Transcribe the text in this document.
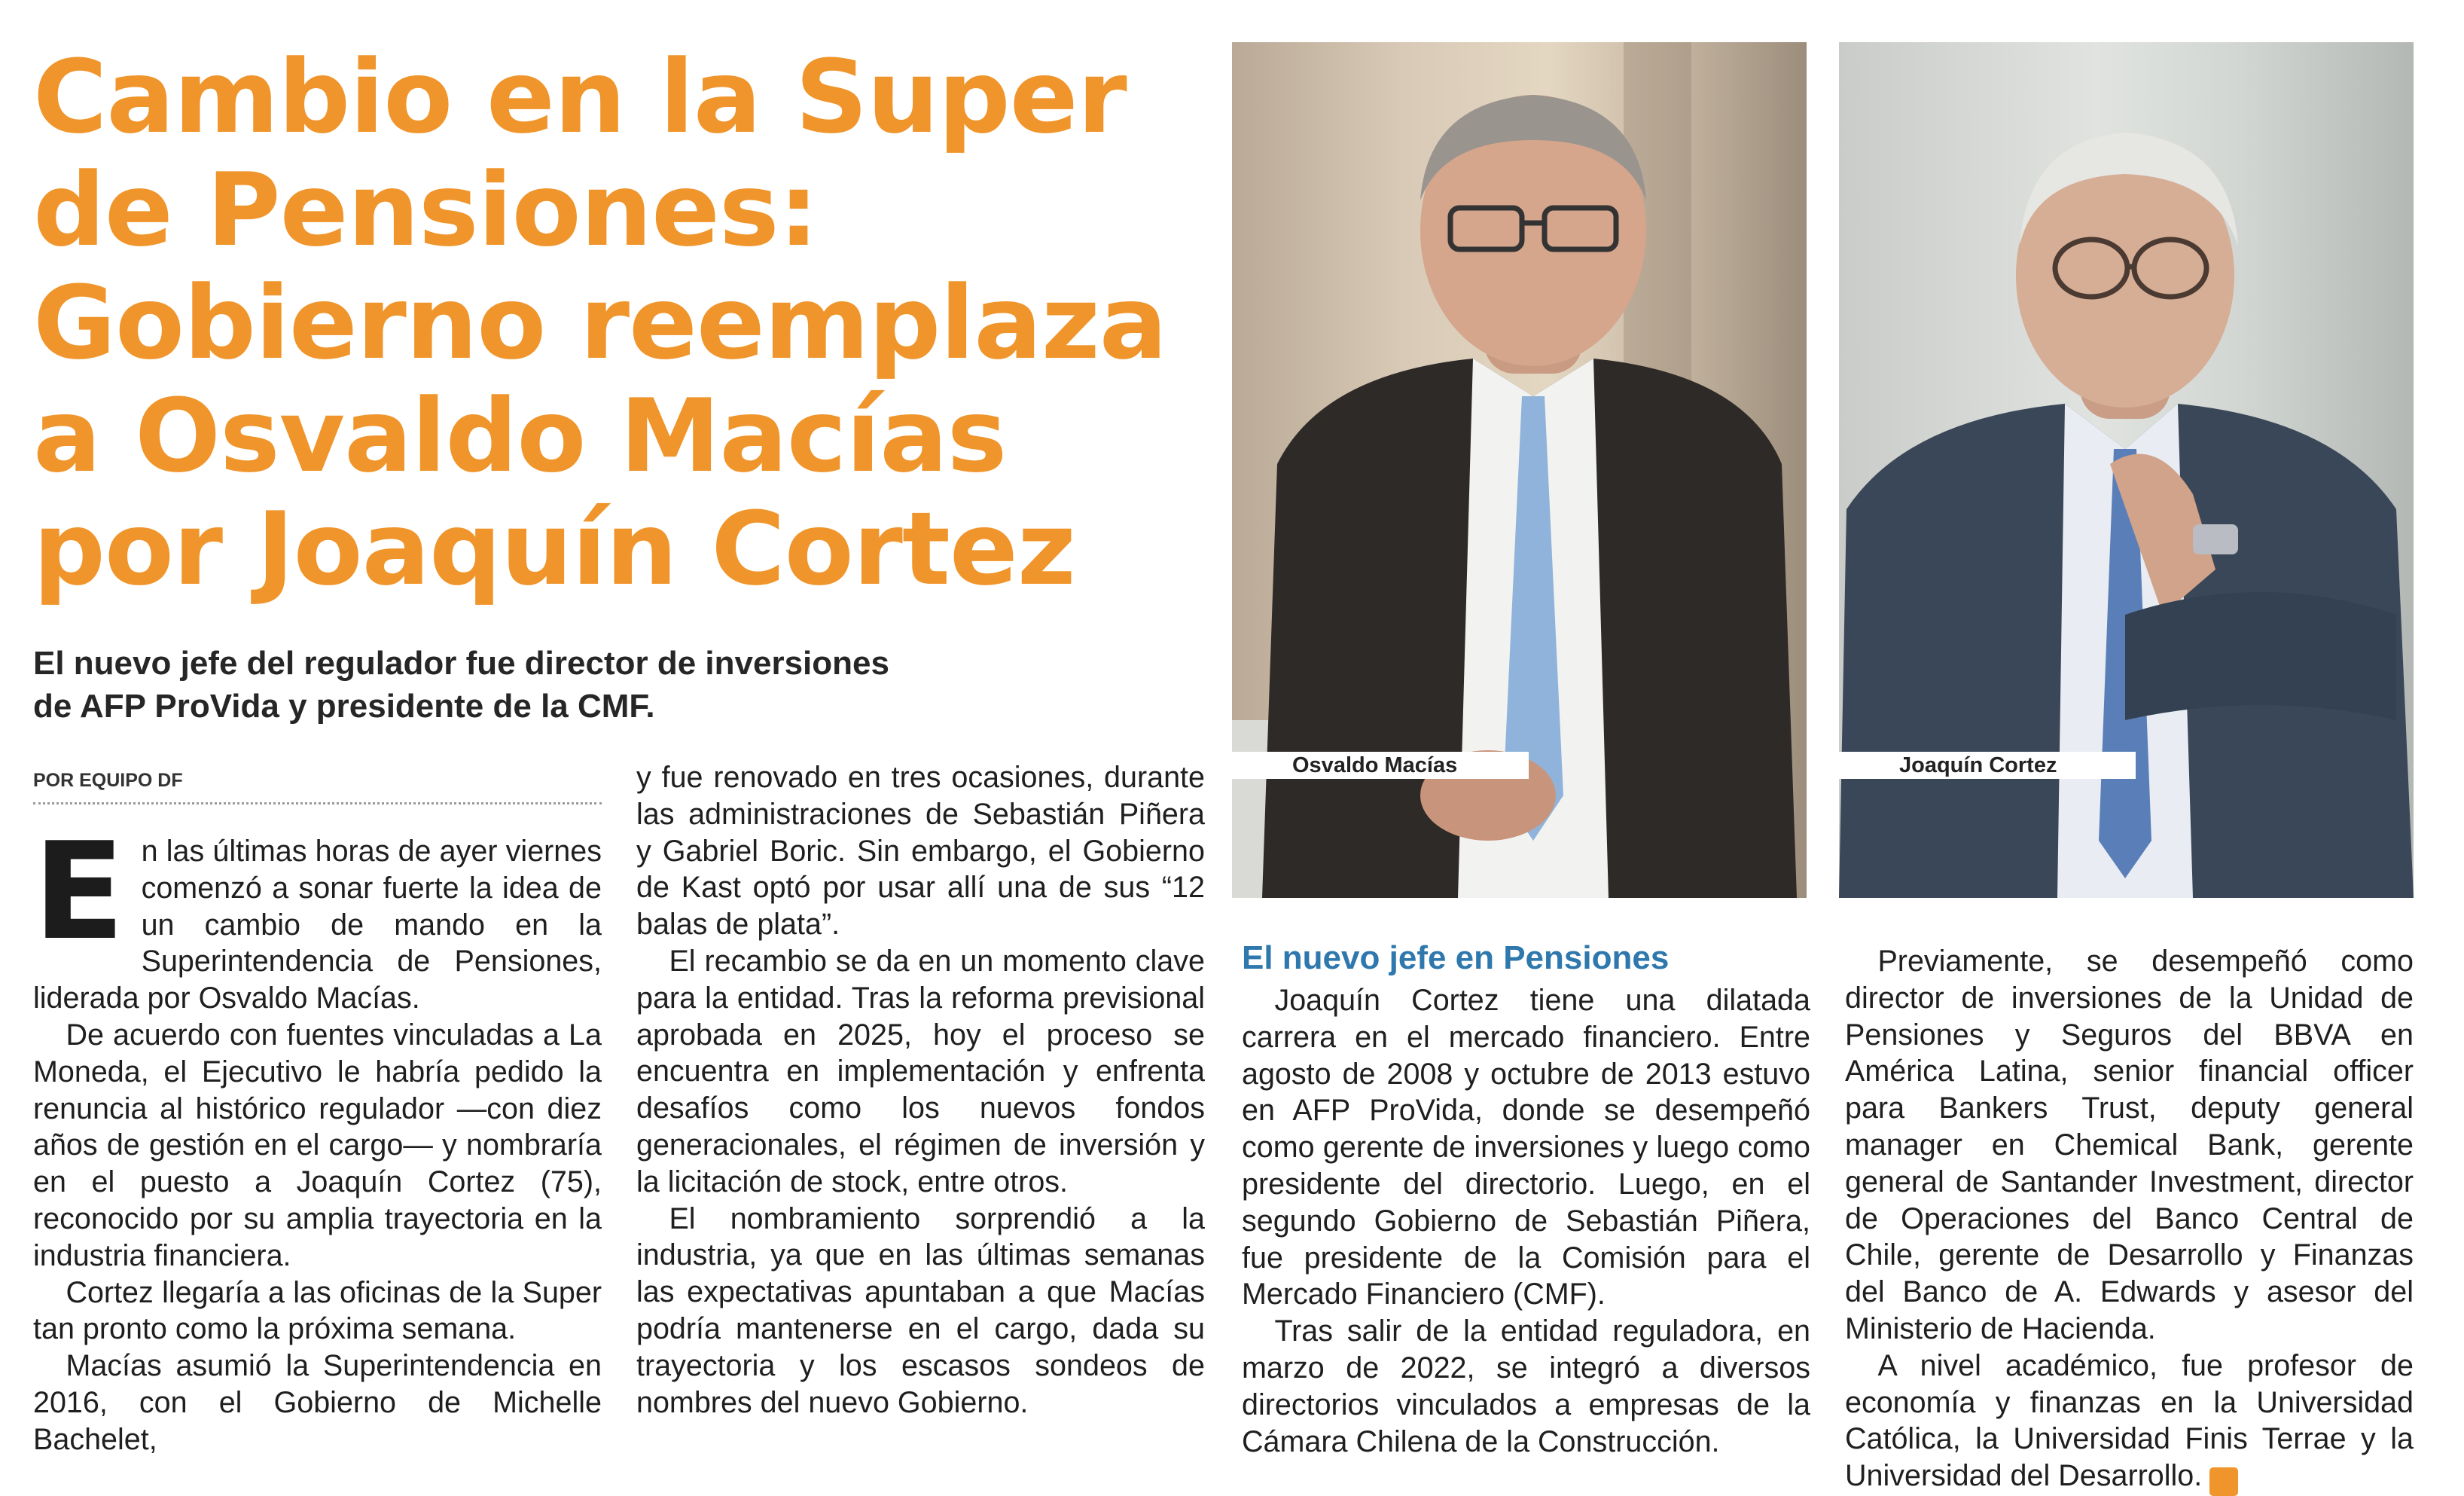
Cambio en la Super de Pensiones: Gobierno reemplaza a Osvaldo Macías por Joaquín Cortez
El nuevo jefe del regulador fue director de inversiones de AFP ProVida y presidente de la CMF.
POR EQUIPO DF

En las últimas horas de ayer viernes comenzó a sonar fuerte la idea de un cambio de mando en la Superintendencia de Pensiones, liderada por Osvaldo Macías.

De acuerdo con fuentes vinculadas a La Moneda, el Ejecutivo le habría pedido la renuncia al histórico regulador —con diez años de gestión en el cargo— y nombraría en el puesto a Joaquín Cortez (75), reconocido por su amplia trayectoria en la industria financiera.

Cortez llegaría a las oficinas de la Super tan pronto como la próxima semana.

Macías asumió la Superintendencia en 2016, con el Gobierno de Michelle Bachelet,

y fue renovado en tres ocasiones, durante las administraciones de Sebastián Piñera y Gabriel Boric. Sin embargo, el Gobierno de Kast optó por usar allí una de sus “12 balas de plata”.

El recambio se da en un momento clave para la entidad. Tras la reforma previsional aprobada en 2025, hoy el proceso se encuentra en implementación y enfrenta desafíos como los nuevos fondos generacionales, el régimen de inversión y la licitación de stock, entre otros.

El nombramiento sorprendió a la industria, ya que en las últimas semanas las expectativas apuntaban a que Macías podría mantenerse en el cargo, dada su trayectoria y los escasos sondeos de nombres del nuevo Gobierno.

Osvaldo Macías	Joaquín Cortez
El nuevo jefe en Pensiones

Joaquín Cortez tiene una dilatada carrera en el mercado financiero. Entre agosto de 2008 y octubre de 2013 estuvo en AFP ProVida, donde se desempeñó como gerente de inversiones y luego como presidente del directorio. Luego, en el segundo Gobierno de Sebastián Piñera, fue presidente de la Comisión para el Mercado Financiero (CMF).

Tras salir de la entidad reguladora, en marzo de 2022, se integró a diversos directorios vinculados a empresas de la Cámara Chilena de la Construcción.

Previamente, se desempeñó como director de inversiones de la Unidad de Pensiones y Seguros del BBVA en América Latina, senior financial officer para Bankers Trust, deputy general manager en Chemical Bank, gerente general de Santander Investment, director de Operaciones del Banco Central de Chile, gerente de Desarrollo y Finanzas del Banco de A. Edwards y asesor del Ministerio de Hacienda.

A nivel académico, fue profesor de economía y finanzas en la Universidad Católica, la Universidad Finis Terrae y la Universidad del Desarrollo. S
